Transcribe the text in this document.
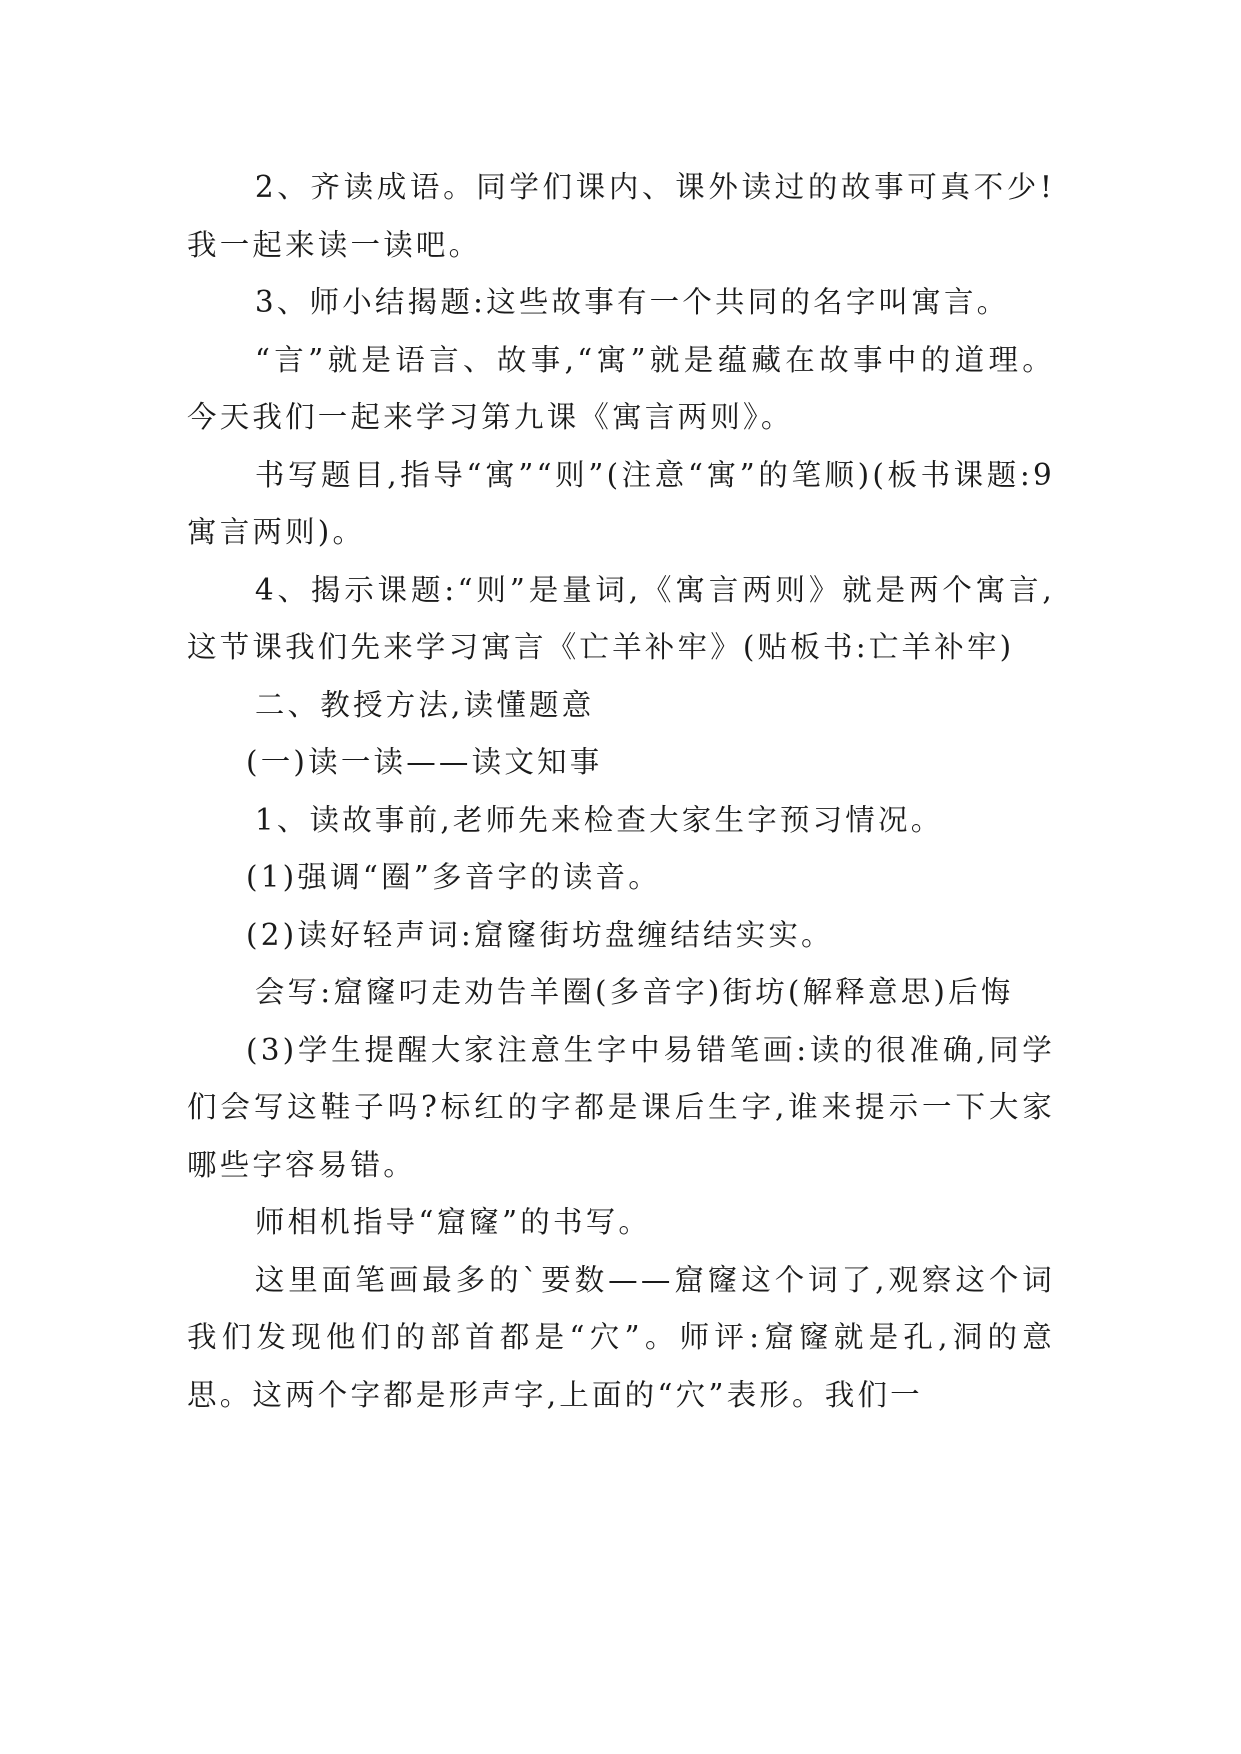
2、齐读成语。同学们课内、课外读过的故事可真不少!我一起来读一读吧。

3、师小结揭题:这些故事有一个共同的名字叫寓言。

“言”就是语言、故事,“寓”就是蕴藏在故事中的道理。今天我们一起来学习第九课《寓言两则》。

书写题目,指导“寓”“则”(注意“寓”的笔顺)(板书课题:9寓言两则)。

4、揭示课题:“则”是量词,《寓言两则》就是两个寓言,这节课我们先来学习寓言《亡羊补牢》(贴板书:亡羊补牢)

二、教授方法,读懂题意

(一)读一读——读文知事

1、读故事前,老师先来检查大家生字预习情况。

(1)强调“圈”多音字的读音。

(2)读好轻声词:窟窿街坊盘缠结结实实。

会写:窟窿叼走劝告羊圈(多音字)街坊(解释意思)后悔

(3)学生提醒大家注意生字中易错笔画:读的很准确,同学们会写这鞋子吗?标红的字都是课后生字,谁来提示一下大家哪些字容易错。

师相机指导“窟窿”的书写。

这里面笔画最多的`要数——窟窿这个词了,观察这个词我们发现他们的部首都是“穴”。师评:窟窿就是孔,洞的意思。这两个字都是形声字,上面的“穴”表形。我们一
